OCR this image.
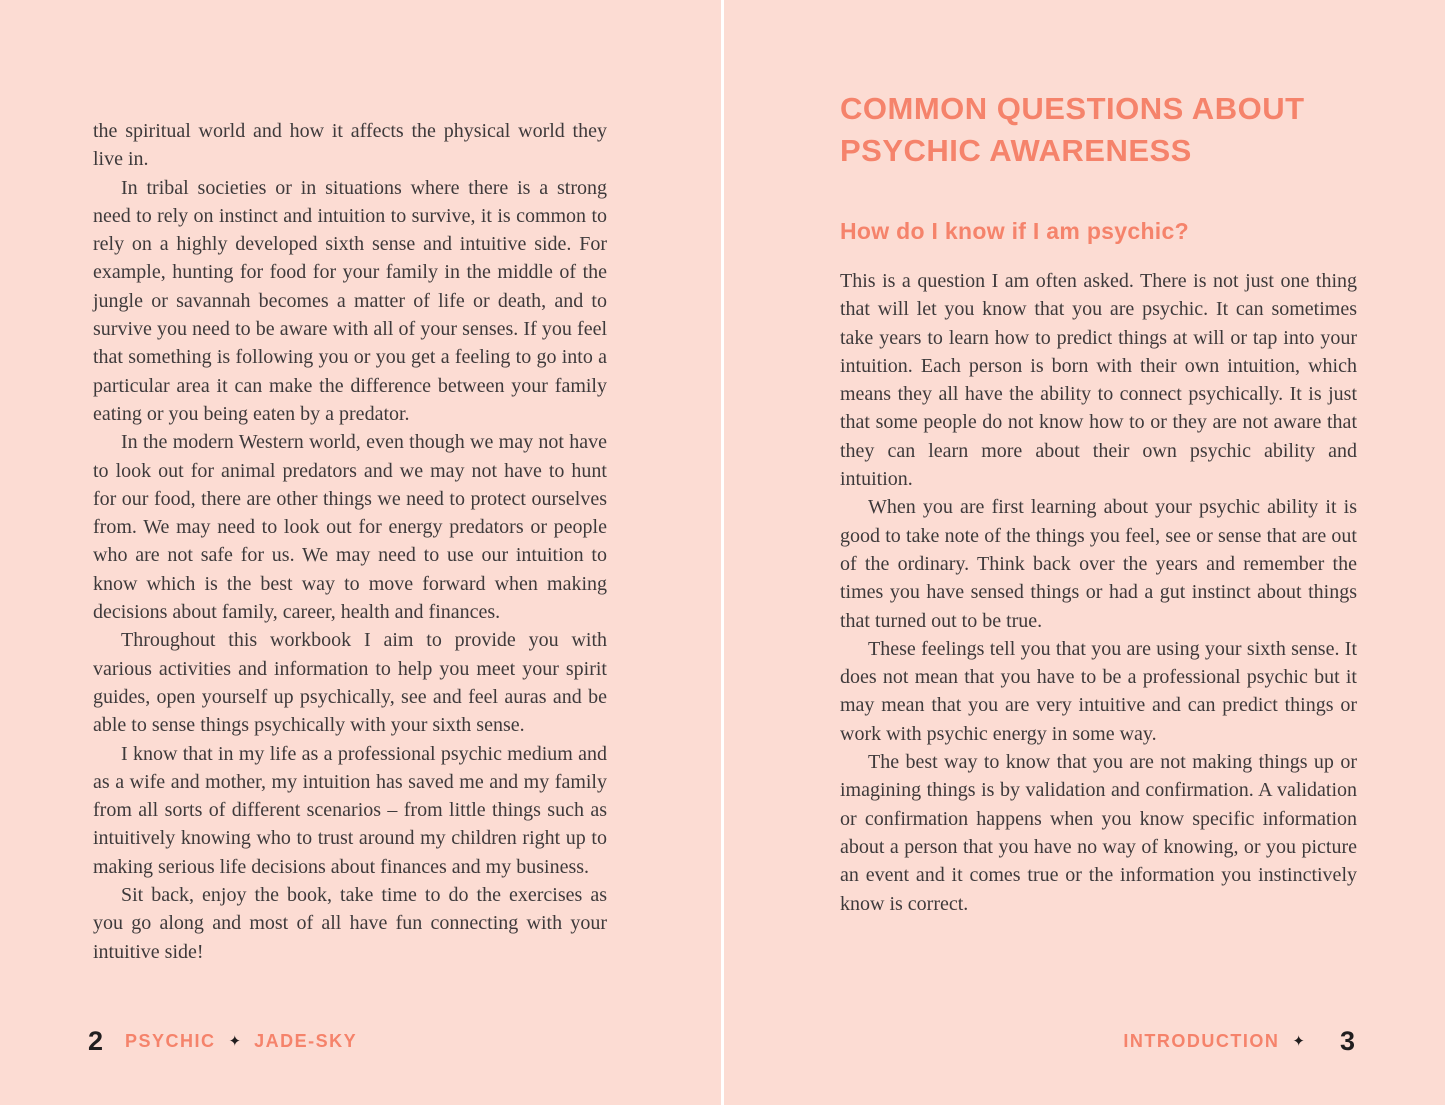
the spiritual world and how it affects the physical world they live in.

In tribal societies or in situations where there is a strong need to rely on instinct and intuition to survive, it is common to rely on a highly developed sixth sense and intuitive side. For example, hunting for food for your family in the middle of the jungle or savannah becomes a matter of life or death, and to survive you need to be aware with all of your senses. If you feel that something is following you or you get a feeling to go into a particular area it can make the difference between your family eating or you being eaten by a predator.

In the modern Western world, even though we may not have to look out for animal predators and we may not have to hunt for our food, there are other things we need to protect ourselves from. We may need to look out for energy predators or people who are not safe for us. We may need to use our intuition to know which is the best way to move forward when making decisions about family, career, health and finances.

Throughout this workbook I aim to provide you with various activities and information to help you meet your spirit guides, open yourself up psychically, see and feel auras and be able to sense things psychically with your sixth sense.

I know that in my life as a professional psychic medium and as a wife and mother, my intuition has saved me and my family from all sorts of different scenarios – from little things such as intuitively knowing who to trust around my children right up to making serious life decisions about finances and my business.

Sit back, enjoy the book, take time to do the exercises as you go along and most of all have fun connecting with your intuitive side!

2 PSYCHIC ✦ JADE-SKY
COMMON QUESTIONS ABOUT PSYCHIC AWARENESS
How do I know if I am psychic?

This is a question I am often asked. There is not just one thing that will let you know that you are psychic. It can sometimes take years to learn how to predict things at will or tap into your intuition. Each person is born with their own intuition, which means they all have the ability to connect psychically. It is just that some people do not know how to or they are not aware that they can learn more about their own psychic ability and intuition.

When you are first learning about your psychic ability it is good to take note of the things you feel, see or sense that are out of the ordinary. Think back over the years and remember the times you have sensed things or had a gut instinct about things that turned out to be true.

These feelings tell you that you are using your sixth sense. It does not mean that you have to be a professional psychic but it may mean that you are very intuitive and can predict things or work with psychic energy in some way.

The best way to know that you are not making things up or imagining things is by validation and confirmation. A validation or confirmation happens when you know specific information about a person that you have no way of knowing, or you picture an event and it comes true or the information you instinctively know is correct.

INTRODUCTION ✦	3
